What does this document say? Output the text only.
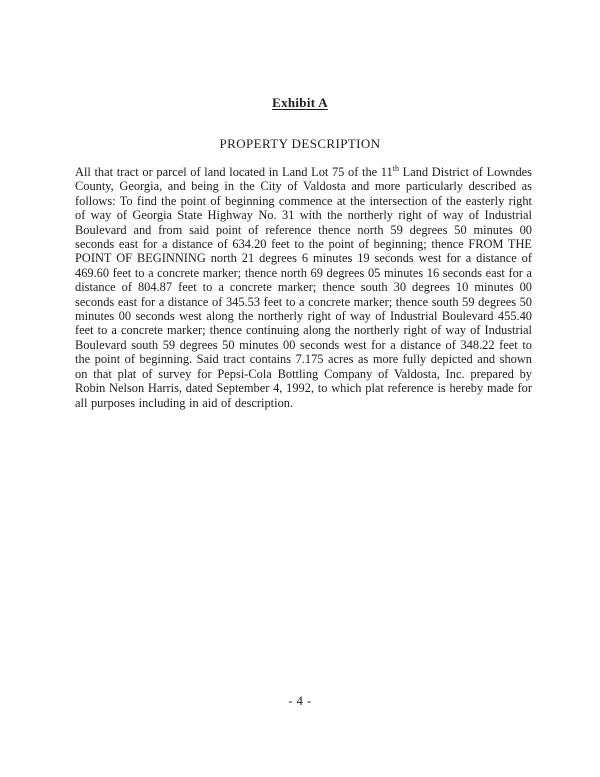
Exhibit A
PROPERTY DESCRIPTION

All that tract or parcel of land located in Land Lot 75 of the 11th Land District of Lowndes County, Georgia, and being in the City of Valdosta and more particularly described as follows: To find the point of beginning commence at the intersection of the easterly right of way of Georgia State Highway No. 31 with the northerly right of way of Industrial Boulevard and from said point of reference thence north 59 degrees 50 minutes 00 seconds east for a distance of 634.20 feet to the point of beginning; thence FROM THE POINT OF BEGINNING north 21 degrees 6 minutes 19 seconds west for a distance of 469.60 feet to a concrete marker; thence north 69 degrees 05 minutes 16 seconds east for a distance of 804.87 feet to a concrete marker; thence south 30 degrees 10 minutes 00 seconds east for a distance of 345.53 feet to a concrete marker; thence south 59 degrees 50 minutes 00 seconds west along the northerly right of way of Industrial Boulevard 455.40 feet to a concrete marker; thence continuing along the northerly right of way of Industrial Boulevard south 59 degrees 50 minutes 00 seconds west for a distance of 348.22 feet to the point of beginning. Said tract contains 7.175 acres as more fully depicted and shown on that plat of survey for Pepsi-Cola Bottling Company of Valdosta, Inc. prepared by Robin Nelson Harris, dated September 4, 1992, to which plat reference is hereby made for all purposes including in aid of description.

- 4 -
